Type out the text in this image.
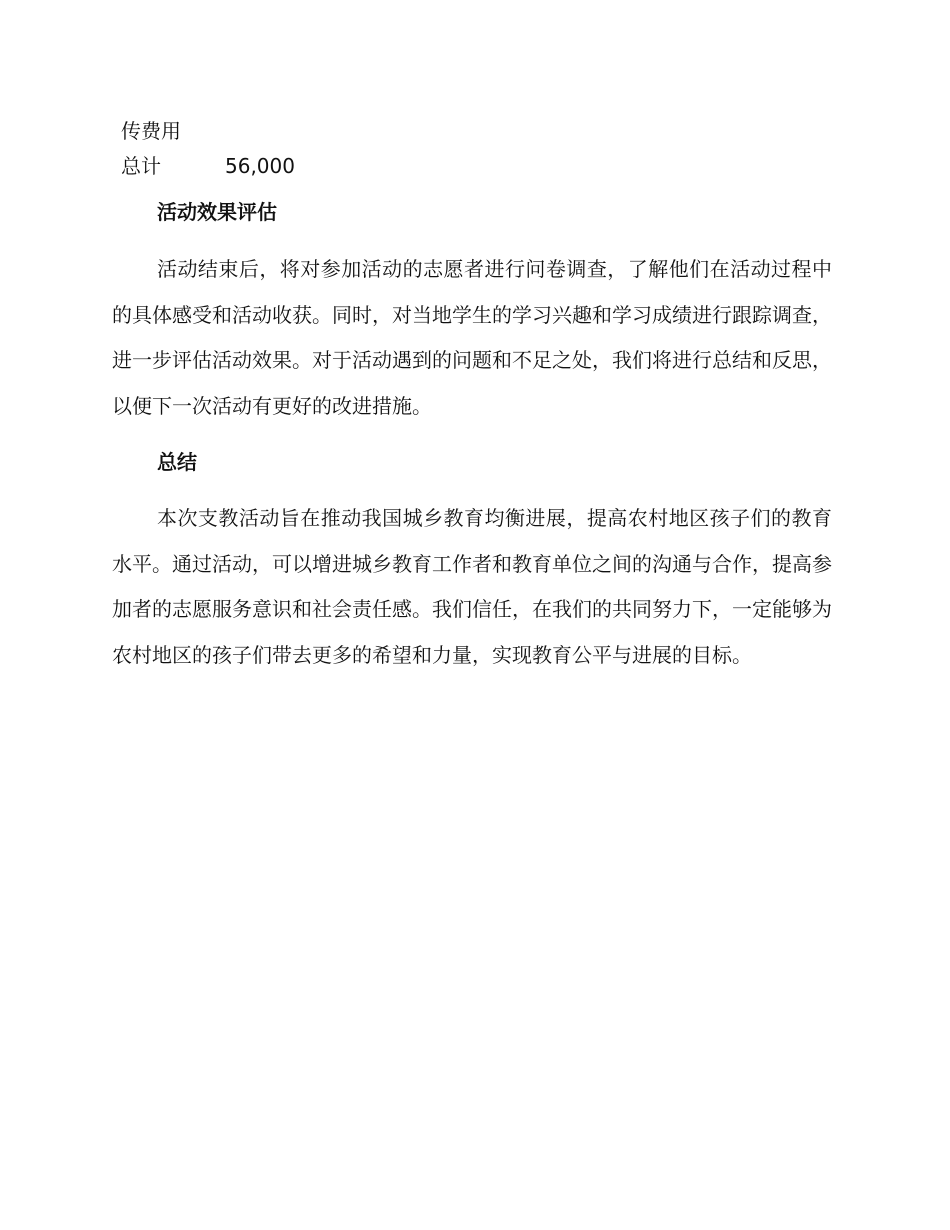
传费用
总计	56,000
活动效果评估

活动结束后，将对参加活动的志愿者进行问卷调查，了解他们在活动过程中的具体感受和活动收获。同时，对当地学生的学习兴趣和学习成绩进行跟踪调查，进一步评估活动效果。对于活动遇到的问题和不足之处，我们将进行总结和反思，以便下一次活动有更好的改进措施。

总结

本次支教活动旨在推动我国城乡教育均衡进展，提高农村地区孩子们的教育水平。通过活动，可以增进城乡教育工作者和教育单位之间的沟通与合作，提高参加者的志愿服务意识和社会责任感。我们信任，在我们的共同努力下，一定能够为农村地区的孩子们带去更多的希望和力量，实现教育公平与进展的目标。
